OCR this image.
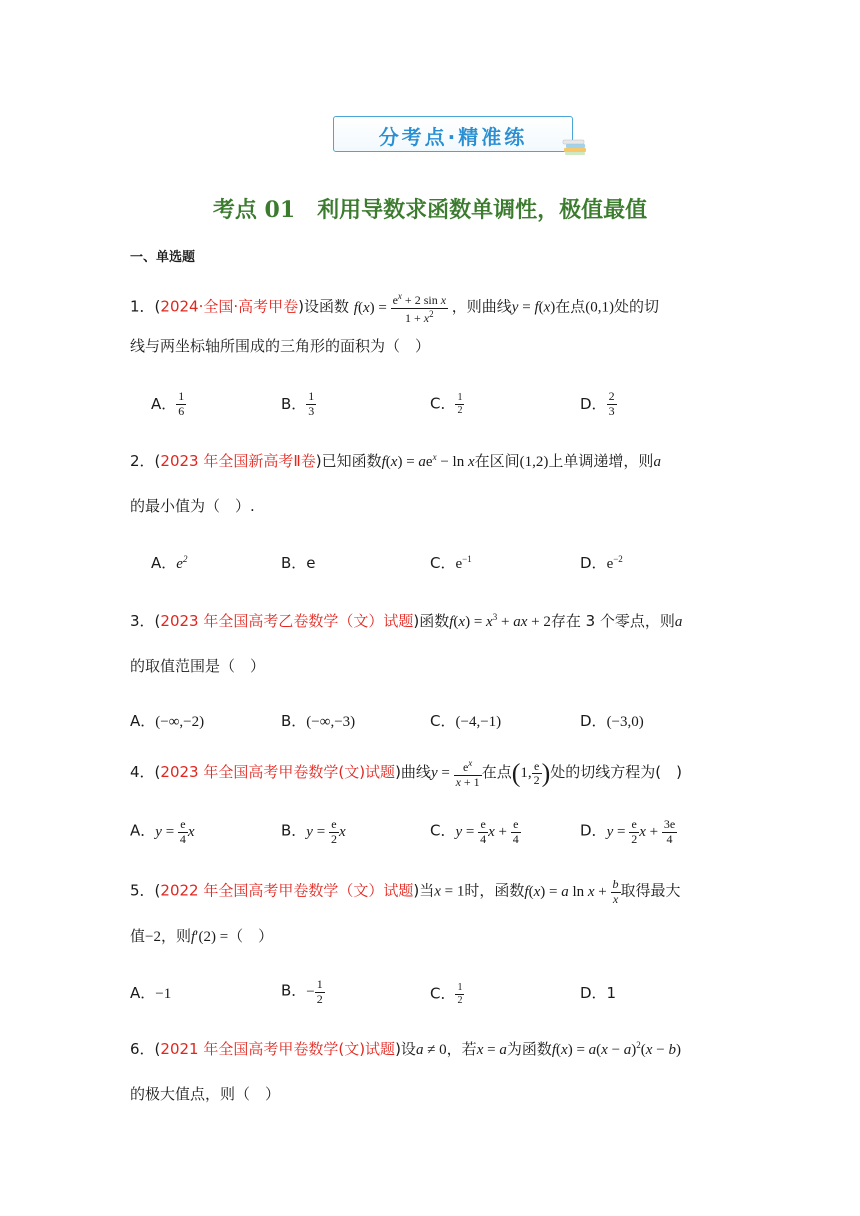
分考点·精准练
考点 01　利用导数求函数单调性，极值最值
一、单选题
1．(2024·全国·高考甲卷)设函数 $f(x) = \frac{e^x + 2 \sin x}{1 + x^2}$ ，则曲线y = f(x)在点(0,1)处的切
线与两坐标轴所围成的三角形的面积为（　）
A． $\frac{1}{6}$	B． $\frac{1}{3}$	C． $\frac{1}{2}$	D． $\frac{2}{3}$
2．(2023 年全国新高考Ⅱ卷)已知函数$f(x) = ae^x - \ln x$在区间(1,2)上单调递增，则a
的最小值为（　）.
A．$e^2$	B．e	C．$e^{-1}$	D．$e^{-2}$
3．(2023 年全国高考乙卷数学（文）试题)函数$f(x) = x^3$ + ax + 2存在 3 个零点，则a
的取值范围是（　）
A．(−∞,−2)	B．(−∞,−3)	C．(−4,−1)	D．(−3,0)
4．(2023 年全国高考甲卷数学(文)试题)曲线$y = \frac{e^x}{x + 1}$ 在点(1, $\frac{e}{2}$ )处的切线方程为(　)
A．$y = \frac{e}{4}$ x	B．$y = \frac{e}{2}$ x	C．$y = \frac{e}{4}$ $x + \frac{e}{4}$	D．$y = \frac{e}{2}$ $x + \frac{3e}{4}$
5．(2022 年全国高考甲卷数学（文）试题)当x = 1时，函数f(x) = a $\ln x + \frac{b}{x}$ 取得最大
值−2，则f′(2) =（　）
A．−1	B．− $\frac{1}{2}$	C． $\frac{1}{2}$	D．1
6．(2021 年全国高考甲卷数学(文)试题)设a ≠ 0，若x = a为函数$f(x) = a(x - a)^2(x - b)$
的极大值点，则（　）
